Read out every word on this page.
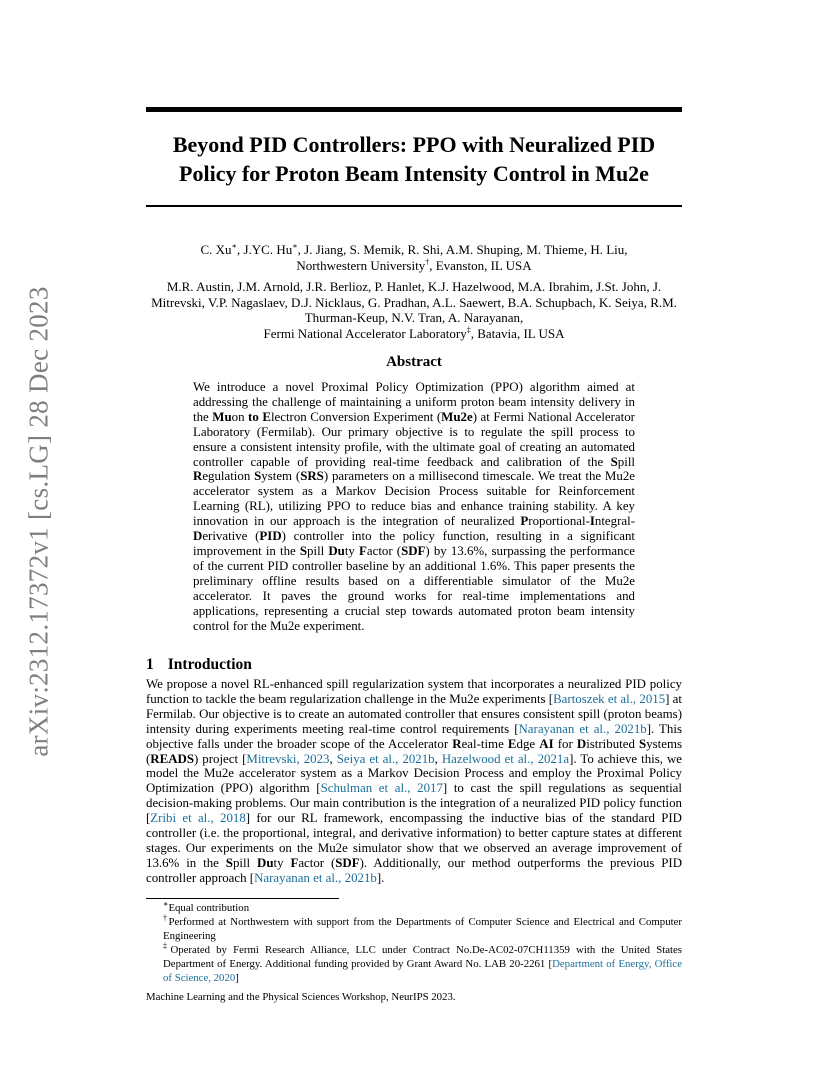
arXiv:2312.17372v1 [cs.LG] 28 Dec 2023
Beyond PID Controllers: PPO with Neuralized PID
Policy for Proton Beam Intensity Control in Mu2e

C. Xu∗, J.YC. Hu∗, J. Jiang, S. Memik, R. Shi, A.M. Shuping, M. Thieme, H. Liu,
Northwestern University†, Evanston, IL USA

M.R. Austin, J.M. Arnold, J.R. Berlioz, P. Hanlet, K.J. Hazelwood, M.A. Ibrahim, J.St. John, J.
Mitrevski, V.P. Nagaslaev, D.J. Nicklaus, G. Pradhan, A.L. Saewert, B.A. Schupbach, K. Seiya, R.M.
Thurman-Keup, N.V. Tran, A. Narayanan,
Fermi National Accelerator Laboratory‡, Batavia, IL USA

Abstract

We introduce a novel Proximal Policy Optimization (PPO) algorithm aimed at addressing the challenge of maintaining a uniform proton beam intensity delivery in the Muon to Electron Conversion Experiment (Mu2e) at Fermi National Accelerator Laboratory (Fermilab). Our primary objective is to regulate the spill process to ensure a consistent intensity profile, with the ultimate goal of creating an automated controller capable of providing real-time feedback and calibration of the Spill Regulation System (SRS) parameters on a millisecond timescale. We treat the Mu2e accelerator system as a Markov Decision Process suitable for Reinforcement Learning (RL), utilizing PPO to reduce bias and enhance training stability. A key innovation in our approach is the integration of neuralized Proportional-Integral-Derivative (PID) controller into the policy function, resulting in a significant improvement in the Spill Duty Factor (SDF) by 13.6%, surpassing the performance of the current PID controller baseline by an additional 1.6%. This paper presents the preliminary offline results based on a differentiable simulator of the Mu2e accelerator. It paves the ground works for real-time implementations and applications, representing a crucial step towards automated proton beam intensity control for the Mu2e experiment.

1 Introduction

We propose a novel RL-enhanced spill regularization system that incorporates a neuralized PID policy function to tackle the beam regularization challenge in the Mu2e experiments [Bartoszek et al., 2015] at Fermilab. Our objective is to create an automated controller that ensures consistent spill (proton beams) intensity during experiments meeting real-time control requirements [Narayanan et al., 2021b]. This objective falls under the broader scope of the Accelerator Real-time Edge AI for Distributed Systems (READS) project [Mitrevski, 2023, Seiya et al., 2021b, Hazelwood et al., 2021a]. To achieve this, we model the Mu2e accelerator system as a Markov Decision Process and employ the Proximal Policy Optimization (PPO) algorithm [Schulman et al., 2017] to cast the spill regulations as sequential decision-making problems. Our main contribution is the integration of a neuralized PID policy function [Zribi et al., 2018] for our RL framework, encompassing the inductive bias of the standard PID controller (i.e. the proportional, integral, and derivative information) to better capture states at different stages. Our experiments on the Mu2e simulator show that we observed an average improvement of 13.6% in the Spill Duty Factor (SDF). Additionally, our method outperforms the previous PID controller approach [Narayanan et al., 2021b].

∗Equal contribution

†Performed at Northwestern with support from the Departments of Computer Science and Electrical and Computer Engineering

‡Operated by Fermi Research Alliance, LLC under Contract No.De-AC02-07CH11359 with the United States Department of Energy. Additional funding provided by Grant Award No. LAB 20-2261 [Department of Energy, Office of Science, 2020]

Machine Learning and the Physical Sciences Workshop, NeurIPS 2023.
